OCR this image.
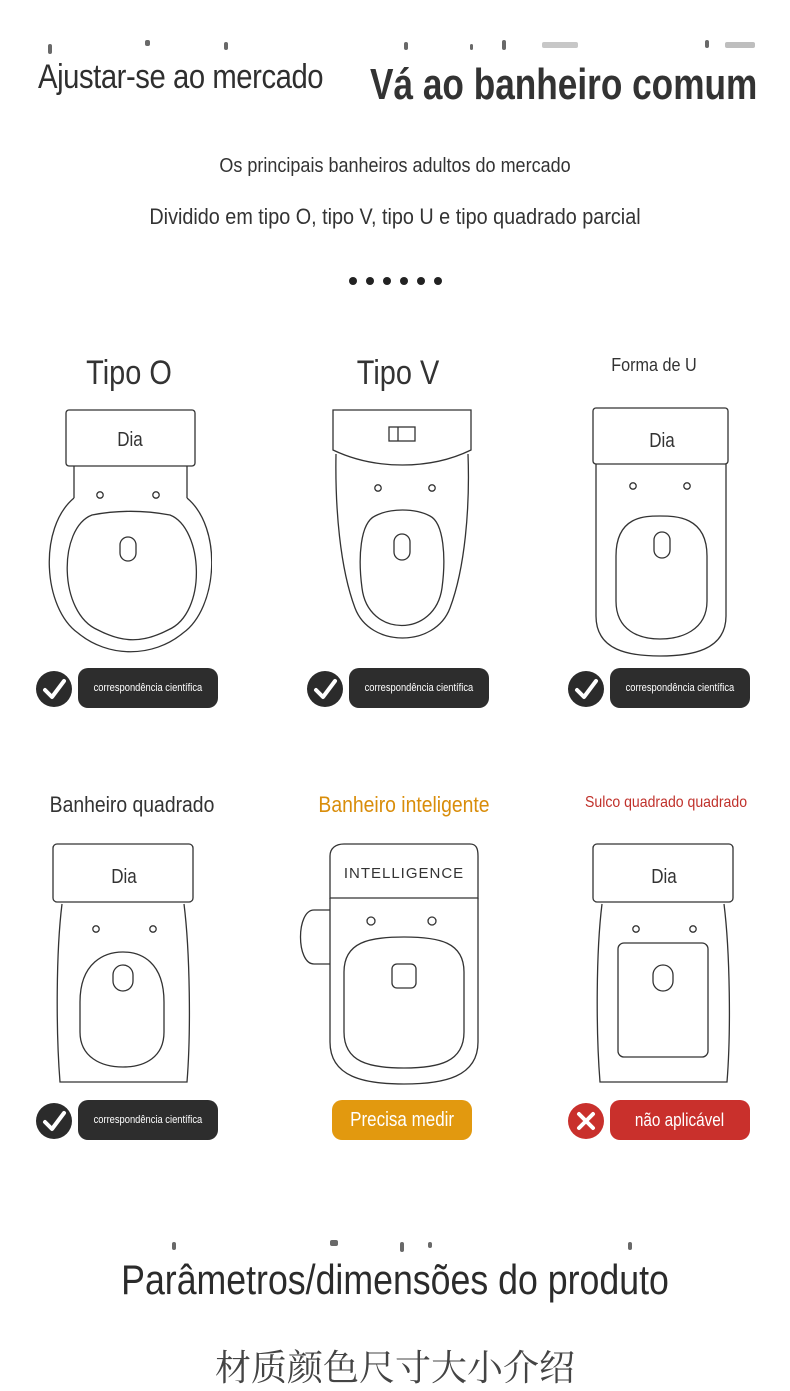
Ajustar-se ao mercado Vá ao banheiro comum
Os principais banheiros adultos do mercado
Dividido em tipo O, tipo V, tipo U e tipo quadrado parcial
Tipo O
Dia
correspondência científica
Tipo V
correspondência científica
Forma de U
Dia
correspondência científica
Banheiro quadrado
Dia
correspondência científica
Banheiro inteligente
INTELLIGENCE
Precisa medir
Sulco quadrado quadrado
Dia
não aplicável
Parâmetros/dimensões do produto
材质颜色尺寸大小介绍
